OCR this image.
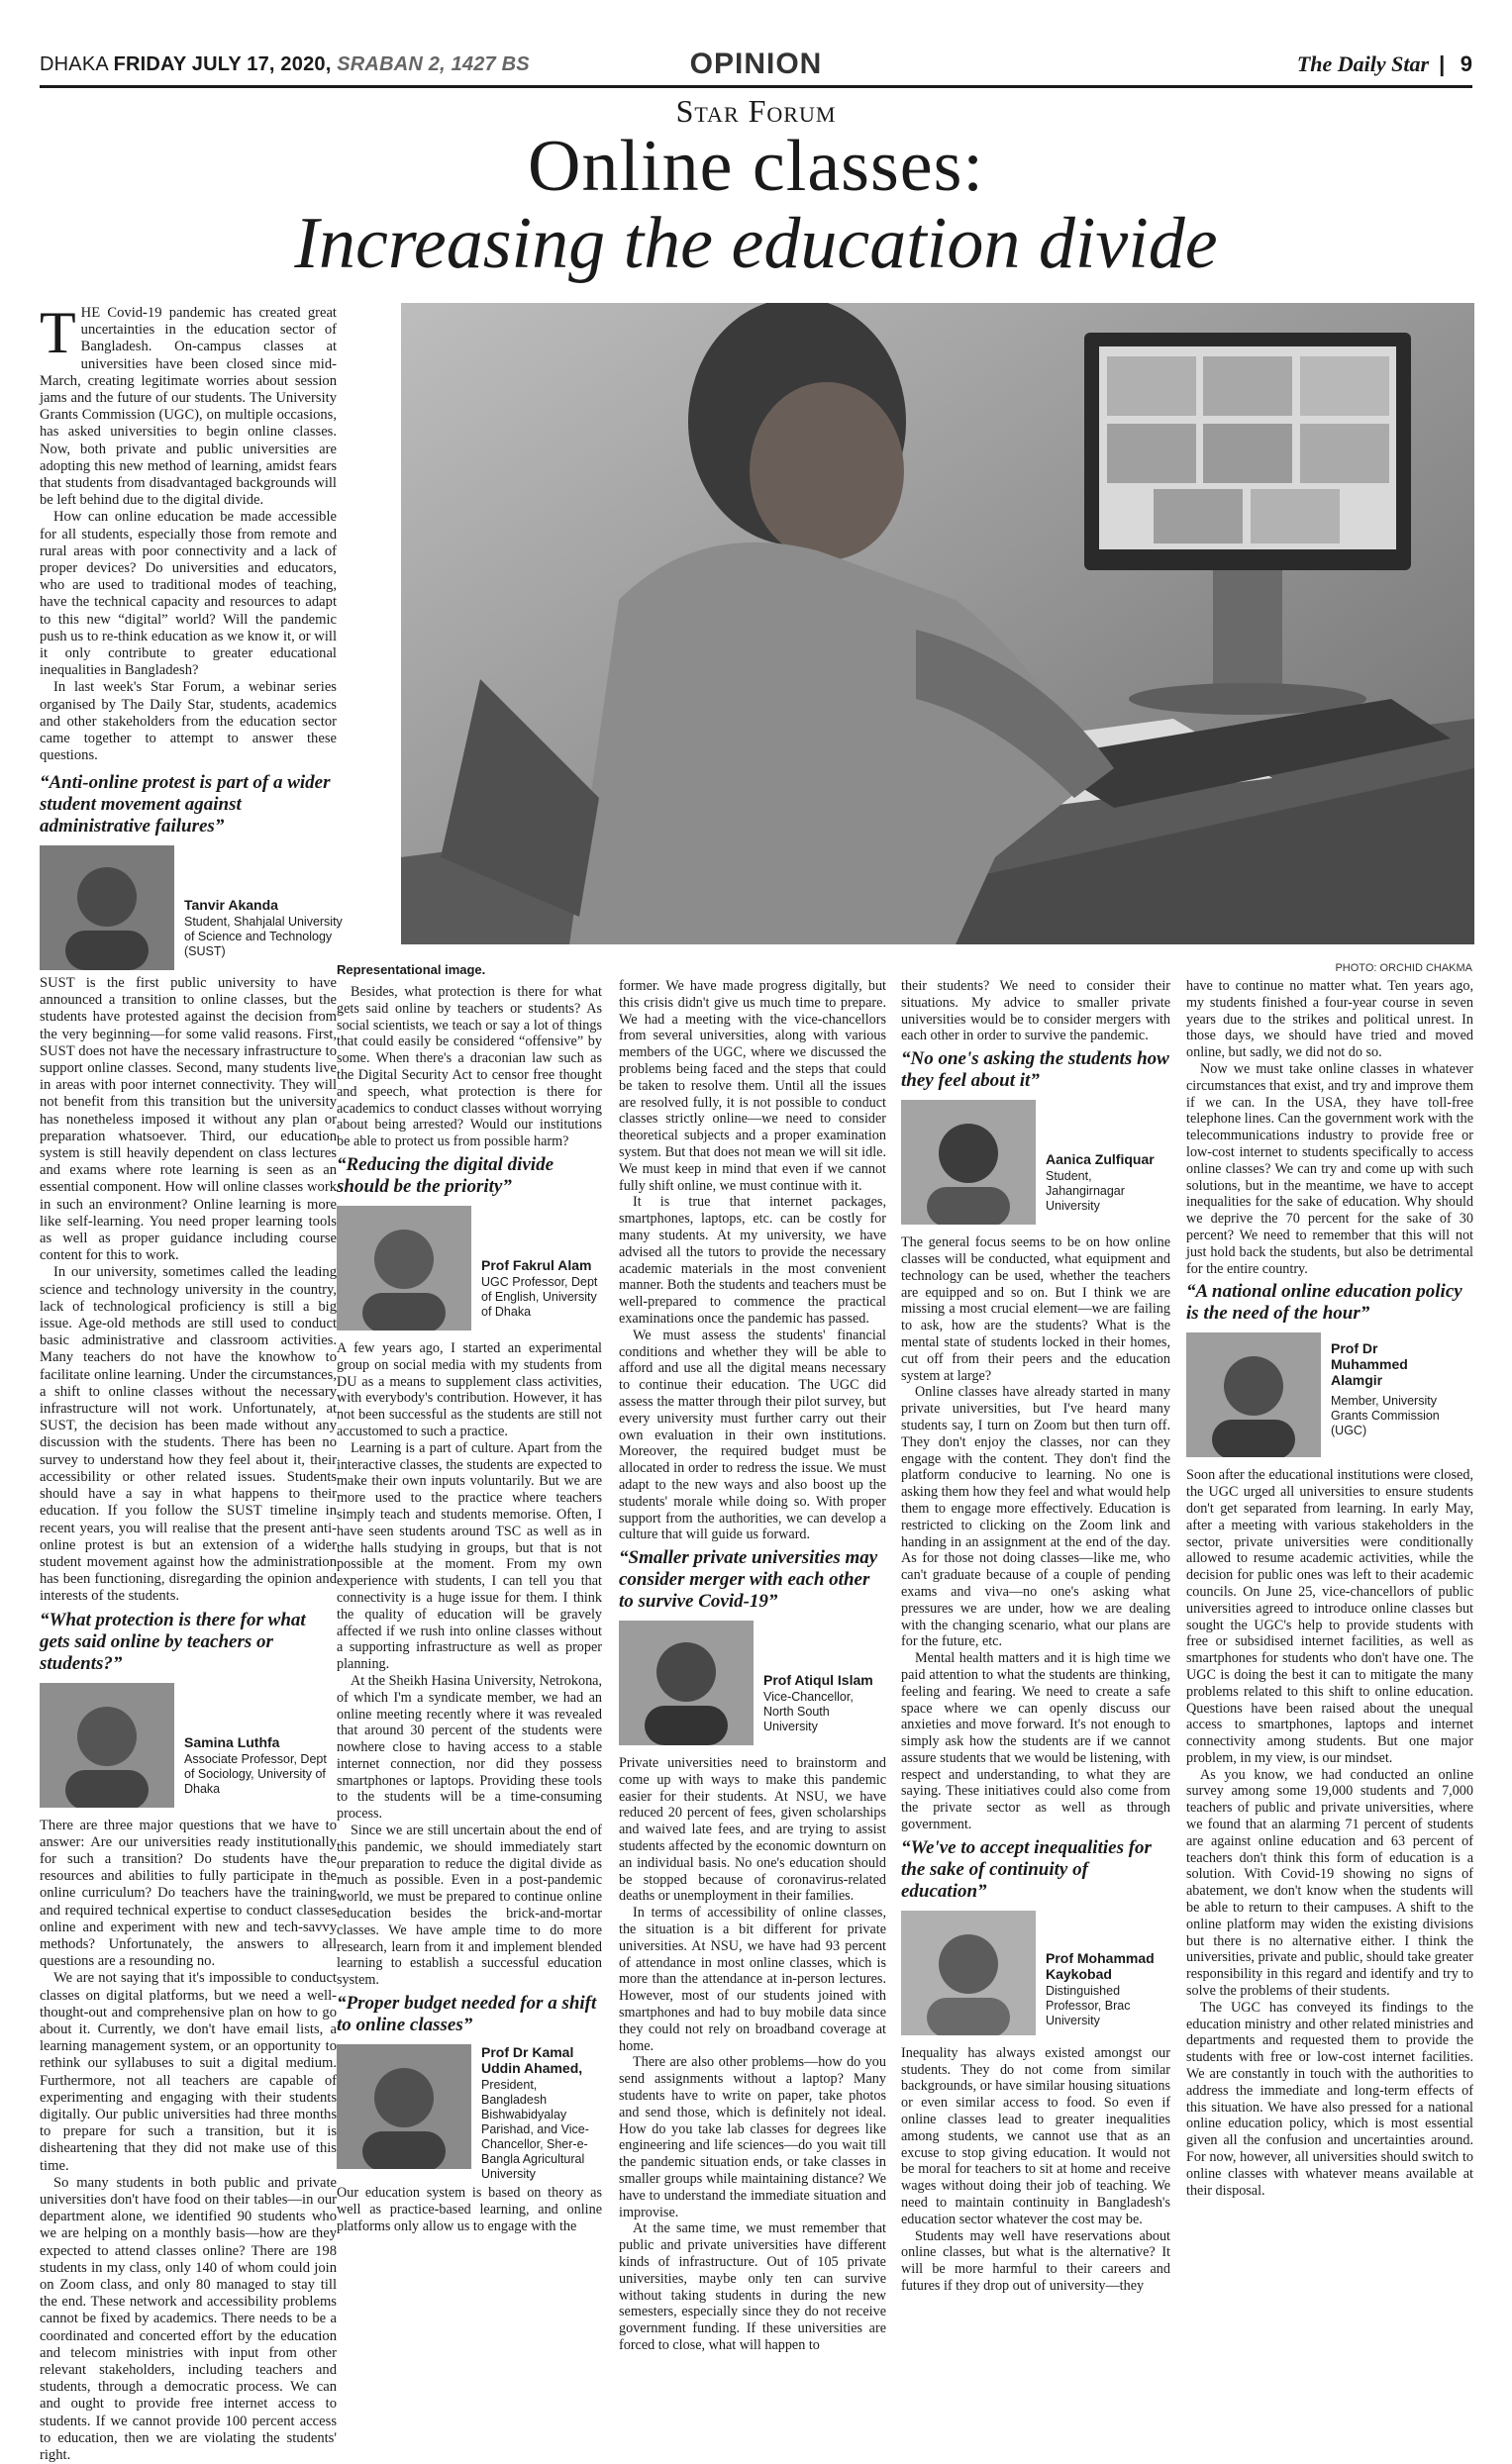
DHAKA FRIDAY JULY 17, 2020, SRABAN 2, 1427 BS	OPINION	The Daily Star | 9
Star Forum
Online classes:
Increasing the education divide
Representational image.	PHOTO: ORCHID CHAKMA

THE Covid-19 pandemic has created great uncertainties in the education sector of Bangladesh. On-campus classes at universities have been closed since mid-March, creating legitimate worries about session jams and the future of our students. The University Grants Commission (UGC), on multiple occasions, has asked universities to begin online classes. Now, both private and public universities are adopting this new method of learning, amidst fears that students from disadvantaged backgrounds will be left behind due to the digital divide.

How can online education be made accessible for all students, especially those from remote and rural areas with poor connectivity and a lack of proper devices? Do universities and educators, who are used to traditional modes of teaching, have the technical capacity and resources to adapt to this new “digital” world? Will the pandemic push us to re-think education as we know it, or will it only contribute to greater educational inequalities in Bangladesh?

In last week's Star Forum, a webinar series organised by The Daily Star, students, academics and other stakeholders from the education sector came together to attempt to answer these questions.

“Anti-online protest is part of a wider student movement against administrative failures”
Tanvir Akanda
Student, Shahjalal University of Science and Technology (SUST)

SUST is the first public university to have announced a transition to online classes, but the students have protested against the decision from the very beginning—for some valid reasons. First, SUST does not have the necessary infrastructure to support online classes. Second, many students live in areas with poor internet connectivity. They will not benefit from this transition but the university has nonetheless imposed it without any plan or preparation whatsoever. Third, our education system is still heavily dependent on class lectures and exams where rote learning is seen as an essential component. How will online classes work in such an environment? Online learning is more like self-learning. You need proper learning tools as well as proper guidance including course content for this to work.

In our university, sometimes called the leading science and technology university in the country, lack of technological proficiency is still a big issue. Age-old methods are still used to conduct basic administrative and classroom activities. Many teachers do not have the knowhow to facilitate online learning. Under the circumstances, a shift to online classes without the necessary infrastructure will not work. Unfortunately, at SUST, the decision has been made without any discussion with the students. There has been no survey to understand how they feel about it, their accessibility or other related issues. Students should have a say in what happens to their education. If you follow the SUST timeline in recent years, you will realise that the present anti-online protest is but an extension of a wider student movement against how the administration has been functioning, disregarding the opinion and interests of the students.

“What protection is there for what gets said online by teachers or students?”
Samina Luthfa
Associate Professor, Dept of Sociology, University of Dhaka

There are three major questions that we have to answer: Are our universities ready institutionally for such a transition? Do students have the resources and abilities to fully participate in the online curriculum? Do teachers have the training and required technical expertise to conduct classes online and experiment with new and tech-savvy methods? Unfortunately, the answers to all questions are a resounding no.

We are not saying that it's impossible to conduct classes on digital platforms, but we need a well-thought-out and comprehensive plan on how to go about it. Currently, we don't have email lists, a learning management system, or an opportunity to rethink our syllabuses to suit a digital medium. Furthermore, not all teachers are capable of experimenting and engaging with their students digitally. Our public universities had three months to prepare for such a transition, but it is disheartening that they did not make use of this time.

So many students in both public and private universities don't have food on their tables—in our department alone, we identified 90 students who we are helping on a monthly basis—how are they expected to attend classes online? There are 198 students in my class, only 140 of whom could join on Zoom class, and only 80 managed to stay till the end. These network and accessibility problems cannot be fixed by academics. There needs to be a coordinated and concerted effort by the education and telecom ministries with input from other relevant stakeholders, including teachers and students, through a democratic process. We can and ought to provide free internet access to students. If we cannot provide 100 percent access to education, then we are violating the students' right.

Besides, what protection is there for what gets said online by teachers or students? As social scientists, we teach or say a lot of things that could easily be considered “offensive” by some. When there's a draconian law such as the Digital Security Act to censor free thought and speech, what protection is there for academics to conduct classes without worrying about being arrested? Would our institutions be able to protect us from possible harm?

“Reducing the digital divide should be the priority”
Prof Fakrul Alam
UGC Professor, Dept of English, University of Dhaka

A few years ago, I started an experimental group on social media with my students from DU as a means to supplement class activities, with everybody's contribution. However, it has not been successful as the students are still not accustomed to such a practice.

Learning is a part of culture. Apart from the interactive classes, the students are expected to make their own inputs voluntarily. But we are more used to the practice where teachers simply teach and students memorise. Often, I have seen students around TSC as well as in the halls studying in groups, but that is not possible at the moment. From my own experience with students, I can tell you that connectivity is a huge issue for them. I think the quality of education will be gravely affected if we rush into online classes without a supporting infrastructure as well as proper planning.

At the Sheikh Hasina University, Netrokona, of which I'm a syndicate member, we had an online meeting recently where it was revealed that around 30 percent of the students were nowhere close to having access to a stable internet connection, nor did they possess smartphones or laptops. Providing these tools to the students will be a time-consuming process.

Since we are still uncertain about the end of this pandemic, we should immediately start our preparation to reduce the digital divide as much as possible. Even in a post-pandemic world, we must be prepared to continue online education besides the brick-and-mortar classes. We have ample time to do more research, learn from it and implement blended learning to establish a successful education system.

“Proper budget needed for a shift to online classes”
Prof Dr Kamal Uddin Ahamed,
President, Bangladesh Bishwabidyalay Parishad, and Vice-Chancellor, Sher-e-Bangla Agricultural University

Our education system is based on theory as well as practice-based learning, and online platforms only allow us to engage with the

former. We have made progress digitally, but this crisis didn't give us much time to prepare. We had a meeting with the vice-chancellors from several universities, along with various members of the UGC, where we discussed the problems being faced and the steps that could be taken to resolve them. Until all the issues are resolved fully, it is not possible to conduct classes strictly online—we need to consider theoretical subjects and a proper examination system. But that does not mean we will sit idle. We must keep in mind that even if we cannot fully shift online, we must continue with it.

It is true that internet packages, smartphones, laptops, etc. can be costly for many students. At my university, we have advised all the tutors to provide the necessary academic materials in the most convenient manner. Both the students and teachers must be well-prepared to commence the practical examinations once the pandemic has passed.

We must assess the students' financial conditions and whether they will be able to afford and use all the digital means necessary to continue their education. The UGC did assess the matter through their pilot survey, but every university must further carry out their own evaluation in their own institutions. Moreover, the required budget must be allocated in order to redress the issue. We must adapt to the new ways and also boost up the students' morale while doing so. With proper support from the authorities, we can develop a culture that will guide us forward.

“Smaller private universities may consider merger with each other to survive Covid-19”
Prof Atiqul Islam
Vice-Chancellor, North South University

Private universities need to brainstorm and come up with ways to make this pandemic easier for their students. At NSU, we have reduced 20 percent of fees, given scholarships and waived late fees, and are trying to assist students affected by the economic downturn on an individual basis. No one's education should be stopped because of coronavirus-related deaths or unemployment in their families.

In terms of accessibility of online classes, the situation is a bit different for private universities. At NSU, we have had 93 percent of attendance in most online classes, which is more than the attendance at in-person lectures. However, most of our students joined with smartphones and had to buy mobile data since they could not rely on broadband coverage at home.

There are also other problems—how do you send assignments without a laptop? Many students have to write on paper, take photos and send those, which is definitely not ideal. How do you take lab classes for degrees like engineering and life sciences—do you wait till the pandemic situation ends, or take classes in smaller groups while maintaining distance? We have to understand the immediate situation and improvise.

At the same time, we must remember that public and private universities have different kinds of infrastructure. Out of 105 private universities, maybe only ten can survive without taking students in during the new semesters, especially since they do not receive government funding. If these universities are forced to close, what will happen to

their students? We need to consider their situations. My advice to smaller private universities would be to consider mergers with each other in order to survive the pandemic.

“No one's asking the students how they feel about it”
Aanica Zulfiquar
Student, Jahangirnagar University

The general focus seems to be on how online classes will be conducted, what equipment and technology can be used, whether the teachers are equipped and so on. But I think we are missing a most crucial element—we are failing to ask, how are the students? What is the mental state of students locked in their homes, cut off from their peers and the education system at large?

Online classes have already started in many private universities, but I've heard many students say, I turn on Zoom but then turn off. They don't enjoy the classes, nor can they engage with the content. They don't find the platform conducive to learning. No one is asking them how they feel and what would help them to engage more effectively. Education is restricted to clicking on the Zoom link and handing in an assignment at the end of the day. As for those not doing classes—like me, who can't graduate because of a couple of pending exams and viva—no one's asking what pressures we are under, how we are dealing with the changing scenario, what our plans are for the future, etc.

Mental health matters and it is high time we paid attention to what the students are thinking, feeling and fearing. We need to create a safe space where we can openly discuss our anxieties and move forward. It's not enough to simply ask how the students are if we cannot assure students that we would be listening, with respect and understanding, to what they are saying. These initiatives could also come from the private sector as well as through government.

“We've to accept inequalities for the sake of continuity of education”
Prof Mohammad Kaykobad
Distinguished Professor, Brac University

Inequality has always existed amongst our students. They do not come from similar backgrounds, or have similar housing situations or even similar access to food. So even if online classes lead to greater inequalities among students, we cannot use that as an excuse to stop giving education. It would not be moral for teachers to sit at home and receive wages without doing their job of teaching. We need to maintain continuity in Bangladesh's education sector whatever the cost may be.

Students may well have reservations about online classes, but what is the alternative? It will be more harmful to their careers and futures if they drop out of university—they

have to continue no matter what. Ten years ago, my students finished a four-year course in seven years due to the strikes and political unrest. In those days, we should have tried and moved online, but sadly, we did not do so.

Now we must take online classes in whatever circumstances that exist, and try and improve them if we can. In the USA, they have toll-free telephone lines. Can the government work with the telecommunications industry to provide free or low-cost internet to students specifically to access online classes? We can try and come up with such solutions, but in the meantime, we have to accept inequalities for the sake of education. Why should we deprive the 70 percent for the sake of 30 percent? We need to remember that this will not just hold back the students, but also be detrimental for the entire country.

“A national online education policy is the need of the hour”
Prof Dr Muhammed Alamgir
Member, University Grants Commission (UGC)

Soon after the educational institutions were closed, the UGC urged all universities to ensure students don't get separated from learning. In early May, after a meeting with various stakeholders in the sector, private universities were conditionally allowed to resume academic activities, while the decision for public ones was left to their academic councils. On June 25, vice-chancellors of public universities agreed to introduce online classes but sought the UGC's help to provide students with free or subsidised internet facilities, as well as smartphones for students who don't have one. The UGC is doing the best it can to mitigate the many problems related to this shift to online education. Questions have been raised about the unequal access to smartphones, laptops and internet connectivity among students. But one major problem, in my view, is our mindset.

As you know, we had conducted an online survey among some 19,000 students and 7,000 teachers of public and private universities, where we found that an alarming 71 percent of students are against online education and 63 percent of teachers don't think this form of education is a solution. With Covid-19 showing no signs of abatement, we don't know when the students will be able to return to their campuses. A shift to the online platform may widen the existing divisions but there is no alternative either. I think the universities, private and public, should take greater responsibility in this regard and identify and try to solve the problems of their students.

The UGC has conveyed its findings to the education ministry and other related ministries and departments and requested them to provide the students with free or low-cost internet facilities. We are constantly in touch with the authorities to address the immediate and long-term effects of this situation. We have also pressed for a national online education policy, which is most essential given all the confusion and uncertainties around. For now, however, all universities should switch to online classes with whatever means available at their disposal.
